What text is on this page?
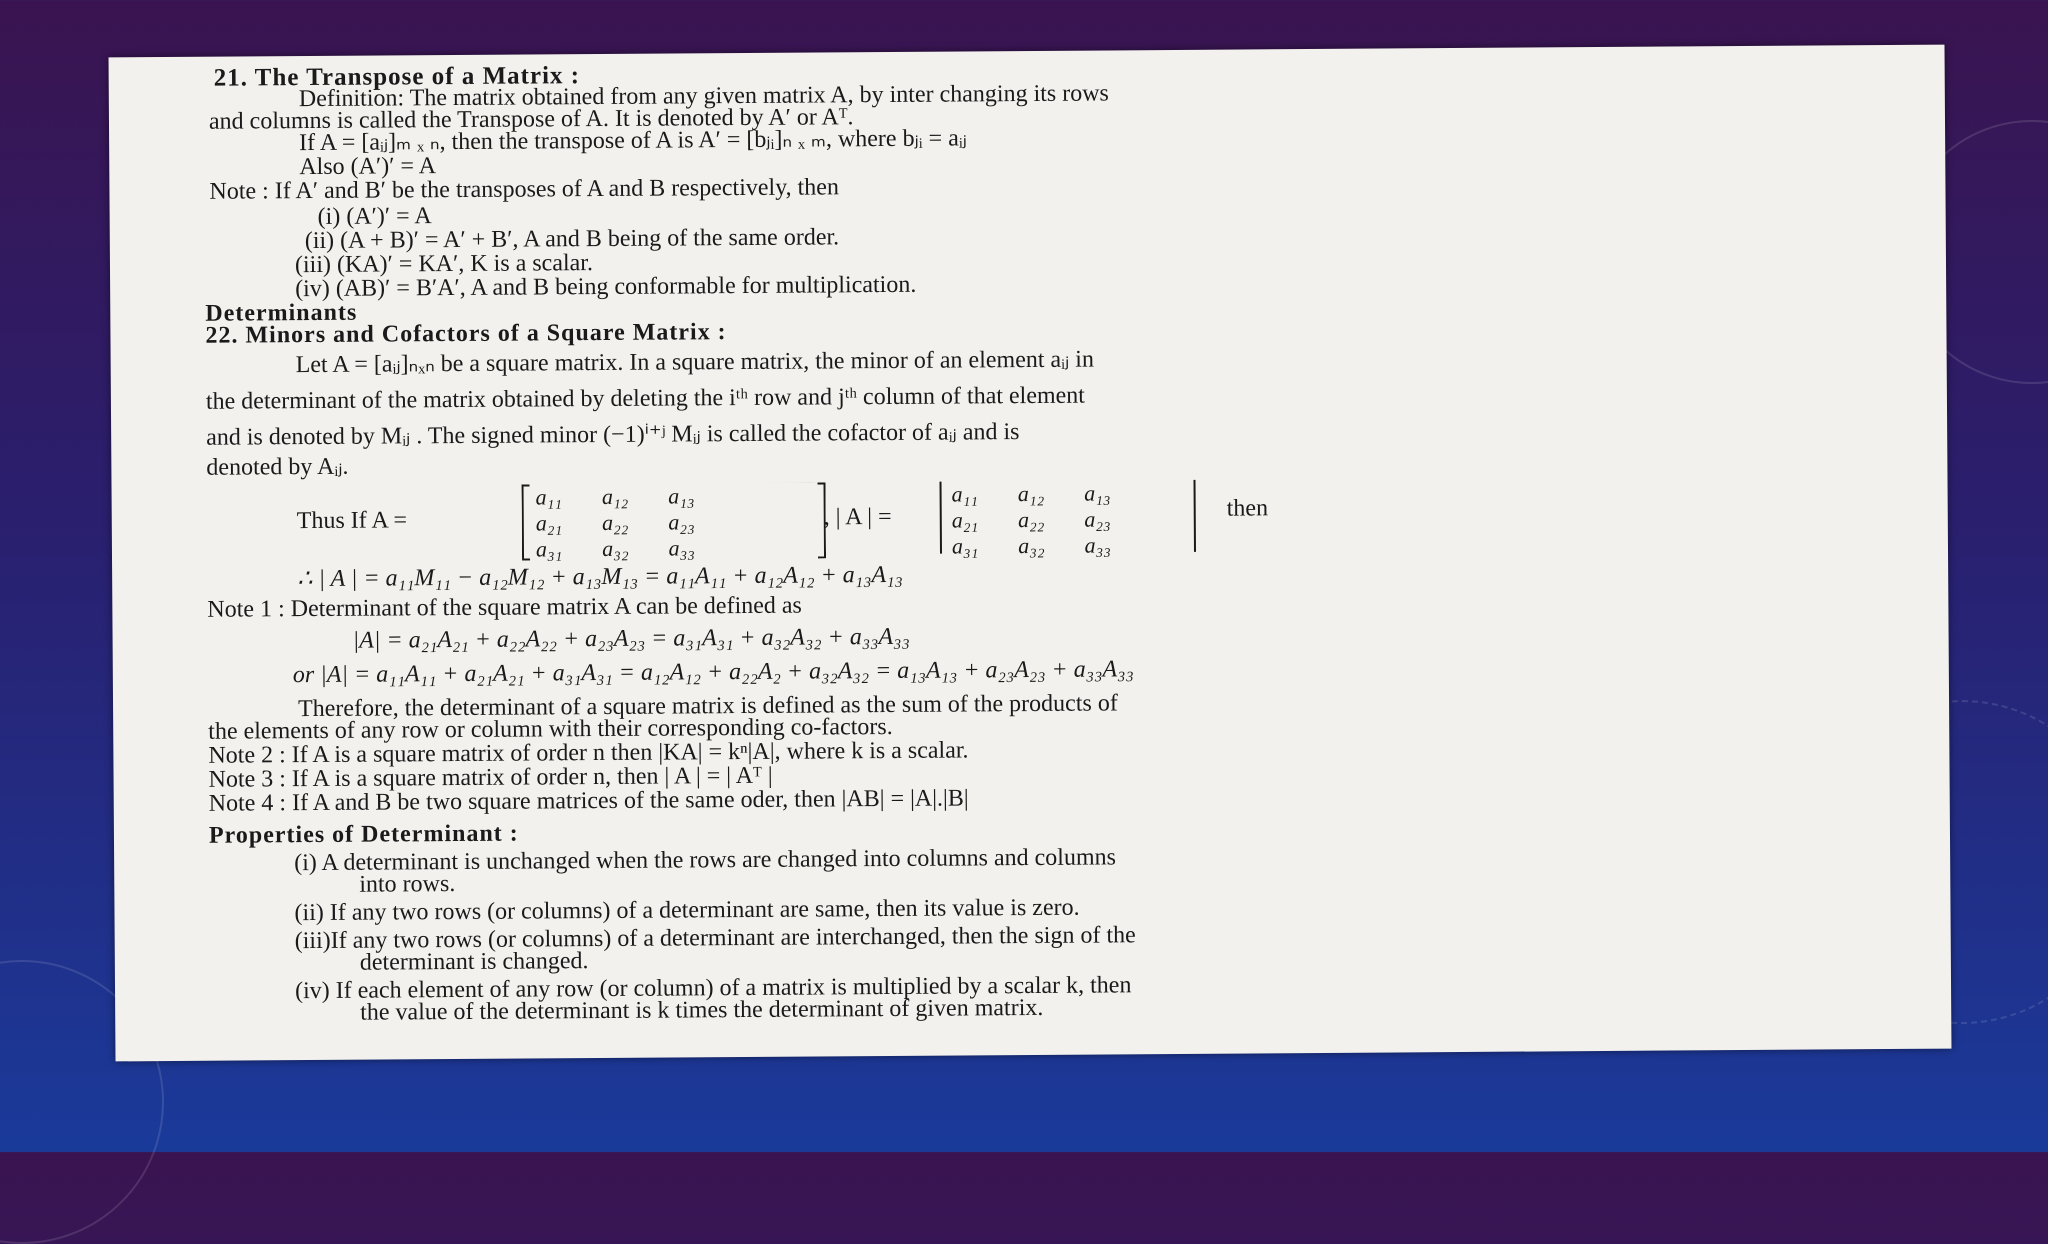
21. The Transpose of a Matrix :
Definition: The matrix obtained from any given matrix A, by inter changing its rows
and columns is called the Transpose of A. It is denoted by A′ or Aᵀ.
If A = [aᵢⱼ]ₘ ₓ ₙ, then the transpose of A is A′ = [bⱼᵢ]ₙ ₓ ₘ, where bⱼᵢ = aᵢⱼ
Also (A′)′ = A
Note : If A′ and B′ be the transposes of A and B respectively, then
(i) (A′)′ = A
(ii) (A + B)′ = A′ + B′, A and B being of the same order.
(iii) (KA)′ = KA′, K is a scalar.
(iv) (AB)′ = B′A′, A and B being conformable for multiplication.
Determinants
22. Minors and Cofactors of a Square Matrix :
Let A = [aᵢⱼ]ₙₓₙ be a square matrix. In a square matrix, the minor of an element aᵢⱼ in
the determinant of the matrix obtained by deleting the iᵗʰ row and jᵗʰ column of that element
and is denoted by Mᵢⱼ . The signed minor (−1)ⁱ⁺ʲ Mᵢⱼ is called the cofactor of aᵢⱼ and is
denoted by Aᵢⱼ.
Thus If A =
a₁₁ a₁₂ a₁₃
a₂₁ a₂₂ a₂₃
a₃₁ a₃₂ a₃₃
, | A | =
a₁₁ a₁₂ a₁₃
a₂₁ a₂₂ a₂₃
a₃₁ a₃₂ a₃₃
then
∴ | A | = a₁₁M₁₁ − a₁₂M₁₂ + a₁₃M₁₃ = a₁₁A₁₁ + a₁₂A₁₂ + a₁₃A₁₃
Note 1 : Determinant of the square matrix A can be defined as
|A| = a₂₁A₂₁ + a₂₂A₂₂ + a₂₃A₂₃ = a₃₁A₃₁ + a₃₂A₃₂ + a₃₃A₃₃
or |A| = a₁₁A₁₁ + a₂₁A₂₁ + a₃₁A₃₁ = a₁₂A₁₂ + a₂₂A₂ + a₃₂A₃₂ = a₁₃A₁₃ + a₂₃A₂₃ + a₃₃A₃₃
Therefore, the determinant of a square matrix is defined as the sum of the products of
the elements of any row or column with their corresponding co-factors.
Note 2 : If A is a square matrix of order n then |KA| = kⁿ|A|, where k is a scalar.
Note 3 : If A is a square matrix of order n, then | A | = | Aᵀ |
Note 4 : If A and B be two square matrices of the same oder, then |AB| = |A|.|B|
Properties of Determinant :
(i) A determinant is unchanged when the rows are changed into columns and columns
into rows.
(ii) If any two rows (or columns) of a determinant are same, then its value is zero.
(iii)If any two rows (or columns) of a determinant are interchanged, then the sign of the
determinant is changed.
(iv) If each element of any row (or column) of a matrix is multiplied by a scalar k, then
the value of the determinant is k times the determinant of given matrix.
